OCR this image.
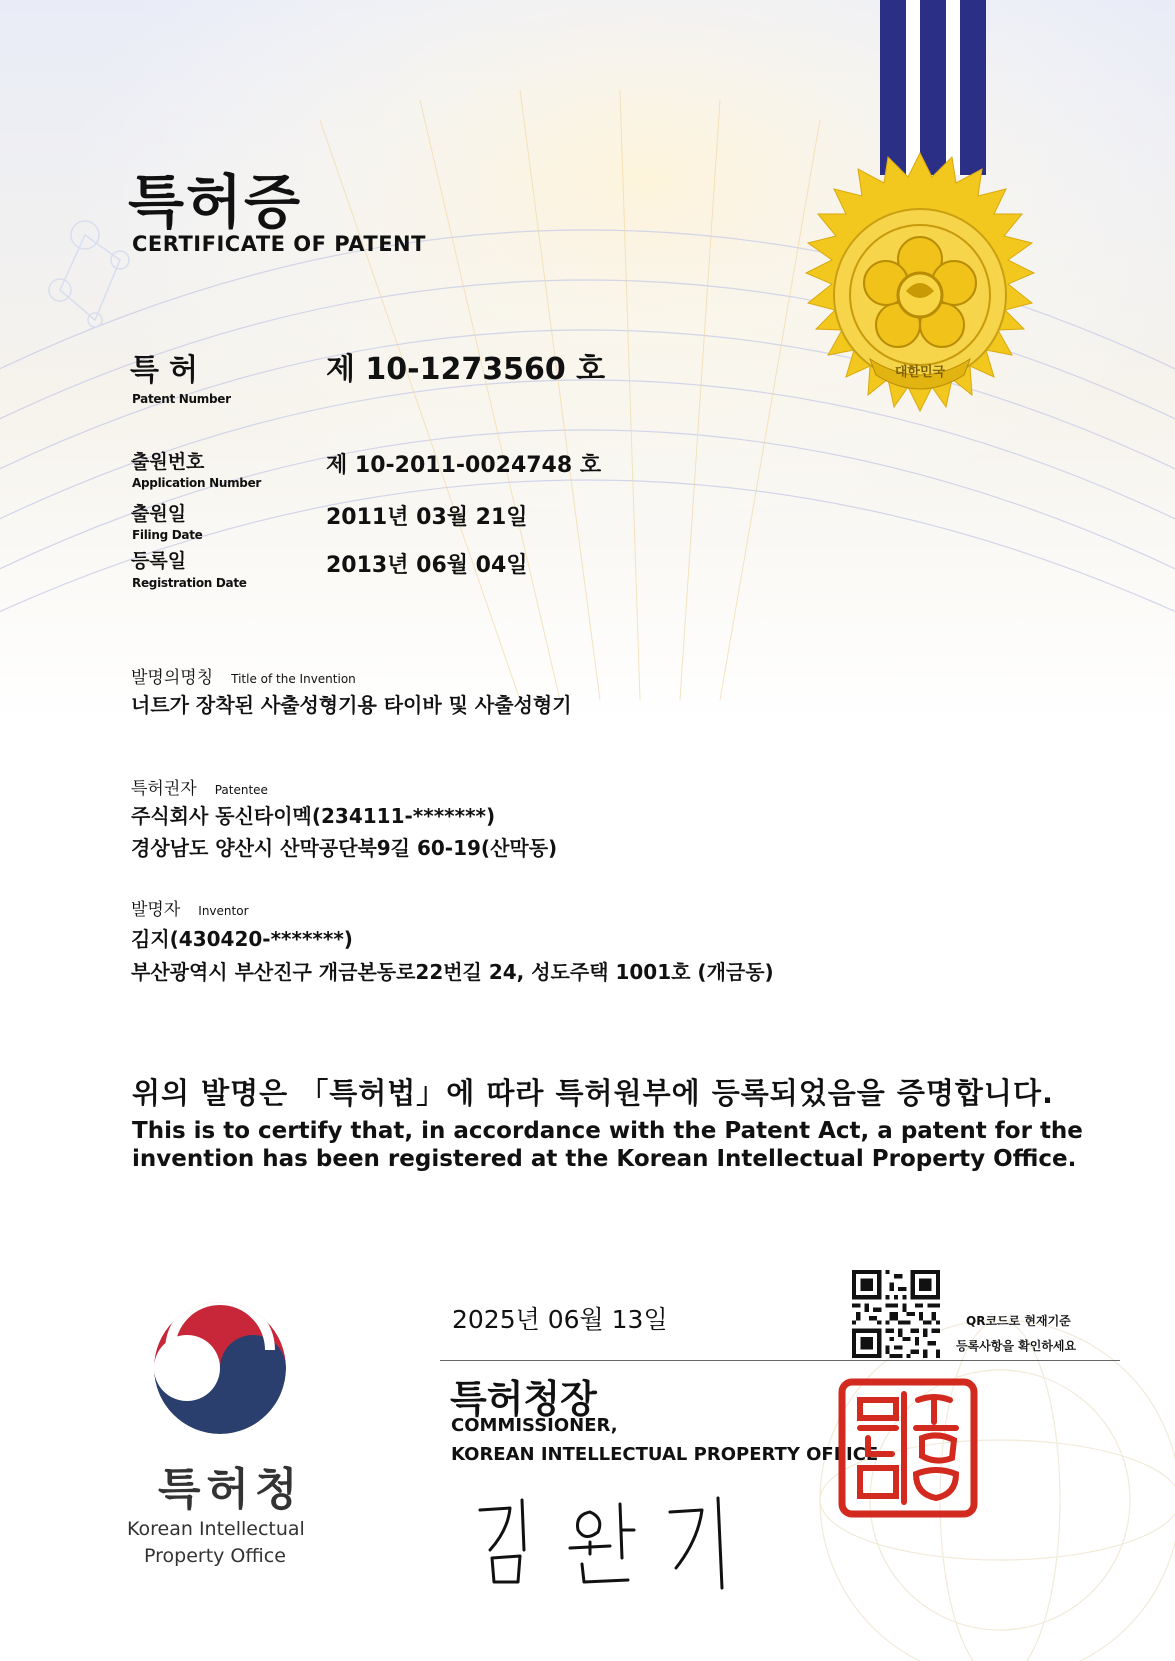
대한민국
특허증
CERTIFICATE OF PATENT
특허
Patent Number
제 10-1273560 호
출원번호
Application Number
제 10-2011-0024748 호
출원일
Filing Date
2011년 03월 21일
등록일
Registration Date
2013년 06월 04일
발명의명칭 Title of the Invention
너트가 장착된 사출성형기용 타이바 및 사출성형기
특허권자 Patentee
주식회사 동신타이멕(234111-*******)
경상남도 양산시 산막공단북9길 60-19(산막동)
발명자 Inventor
김지(430420-*******)
부산광역시 부산진구 개금본동로22번길 24, 성도주택 1001호 (개금동)
위의 발명은 「특허법」에 따라 특허원부에 등록되었음을 증명합니다.
This is to certify that, in accordance with the Patent Act, a patent for the invention has been registered at the Korean Intellectual Property Office.
2025년 06월 13일
특허청장
COMMISSIONER,
KOREAN INTELLECTUAL PROPERTY OFFICE
QR코드로 현재기준
등록사항을 확인하세요
특허청
Korean Intellectual
Property Office
